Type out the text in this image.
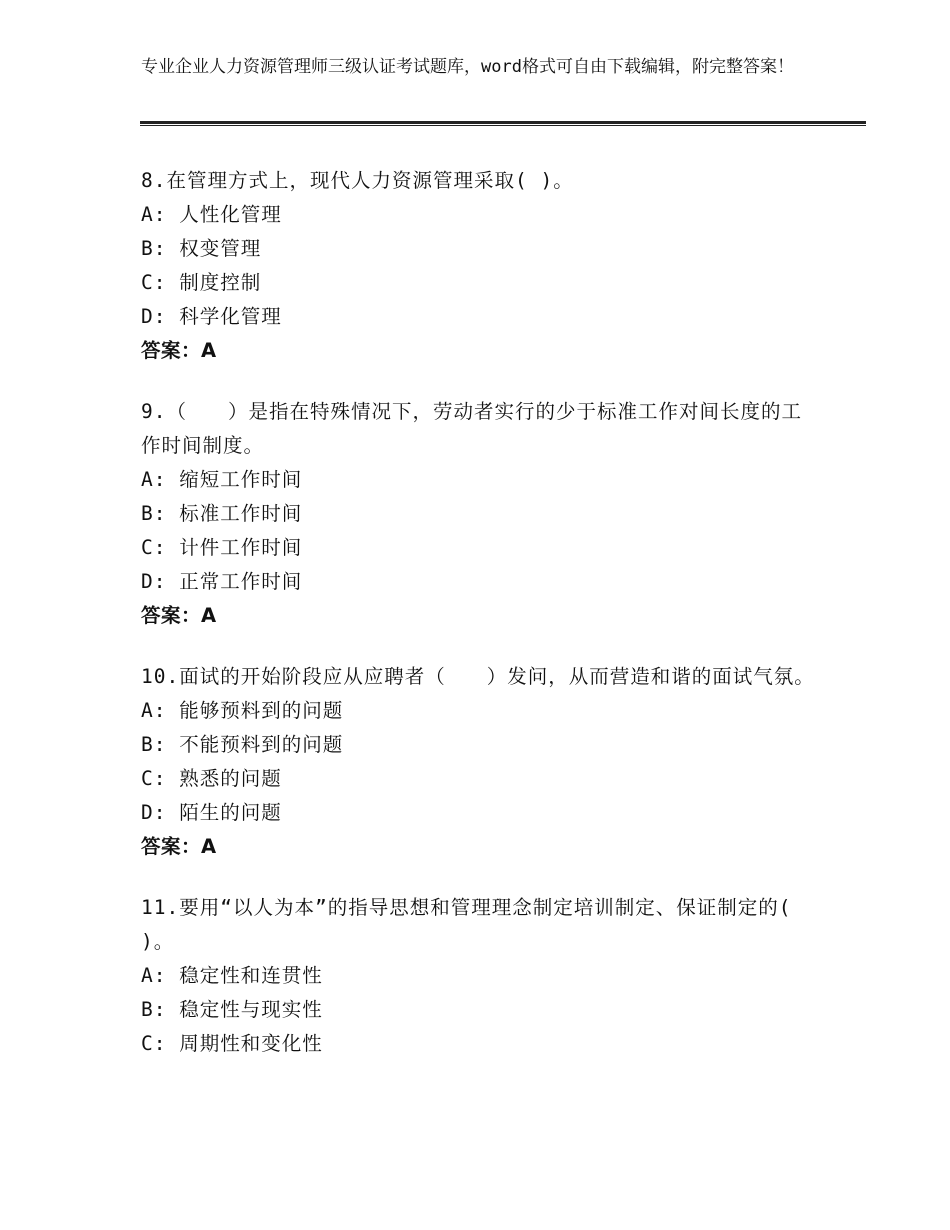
专业企业人力资源管理师三级认证考试题库，word格式可自由下载编辑，附完整答案！
8.在管理方式上，现代人力资源管理采取( )。
A: 人性化管理
B: 权变管理
C: 制度控制
D: 科学化管理
答案：A
9.（　　）是指在特殊情况下，劳动者实行的少于标准工作对间长度的工作时间制度。
A: 缩短工作时间
B: 标准工作时间
C: 计件工作时间
D: 正常工作时间
答案：A
10.面试的开始阶段应从应聘者（　　）发问，从而营造和谐的面试气氛。
A: 能够预料到的问题
B: 不能预料到的问题
C: 熟悉的问题
D: 陌生的问题
答案：A
11.要用“以人为本”的指导思想和管理理念制定培训制定、保证制定的( )。
A: 稳定性和连贯性
B: 稳定性与现实性
C: 周期性和变化性
